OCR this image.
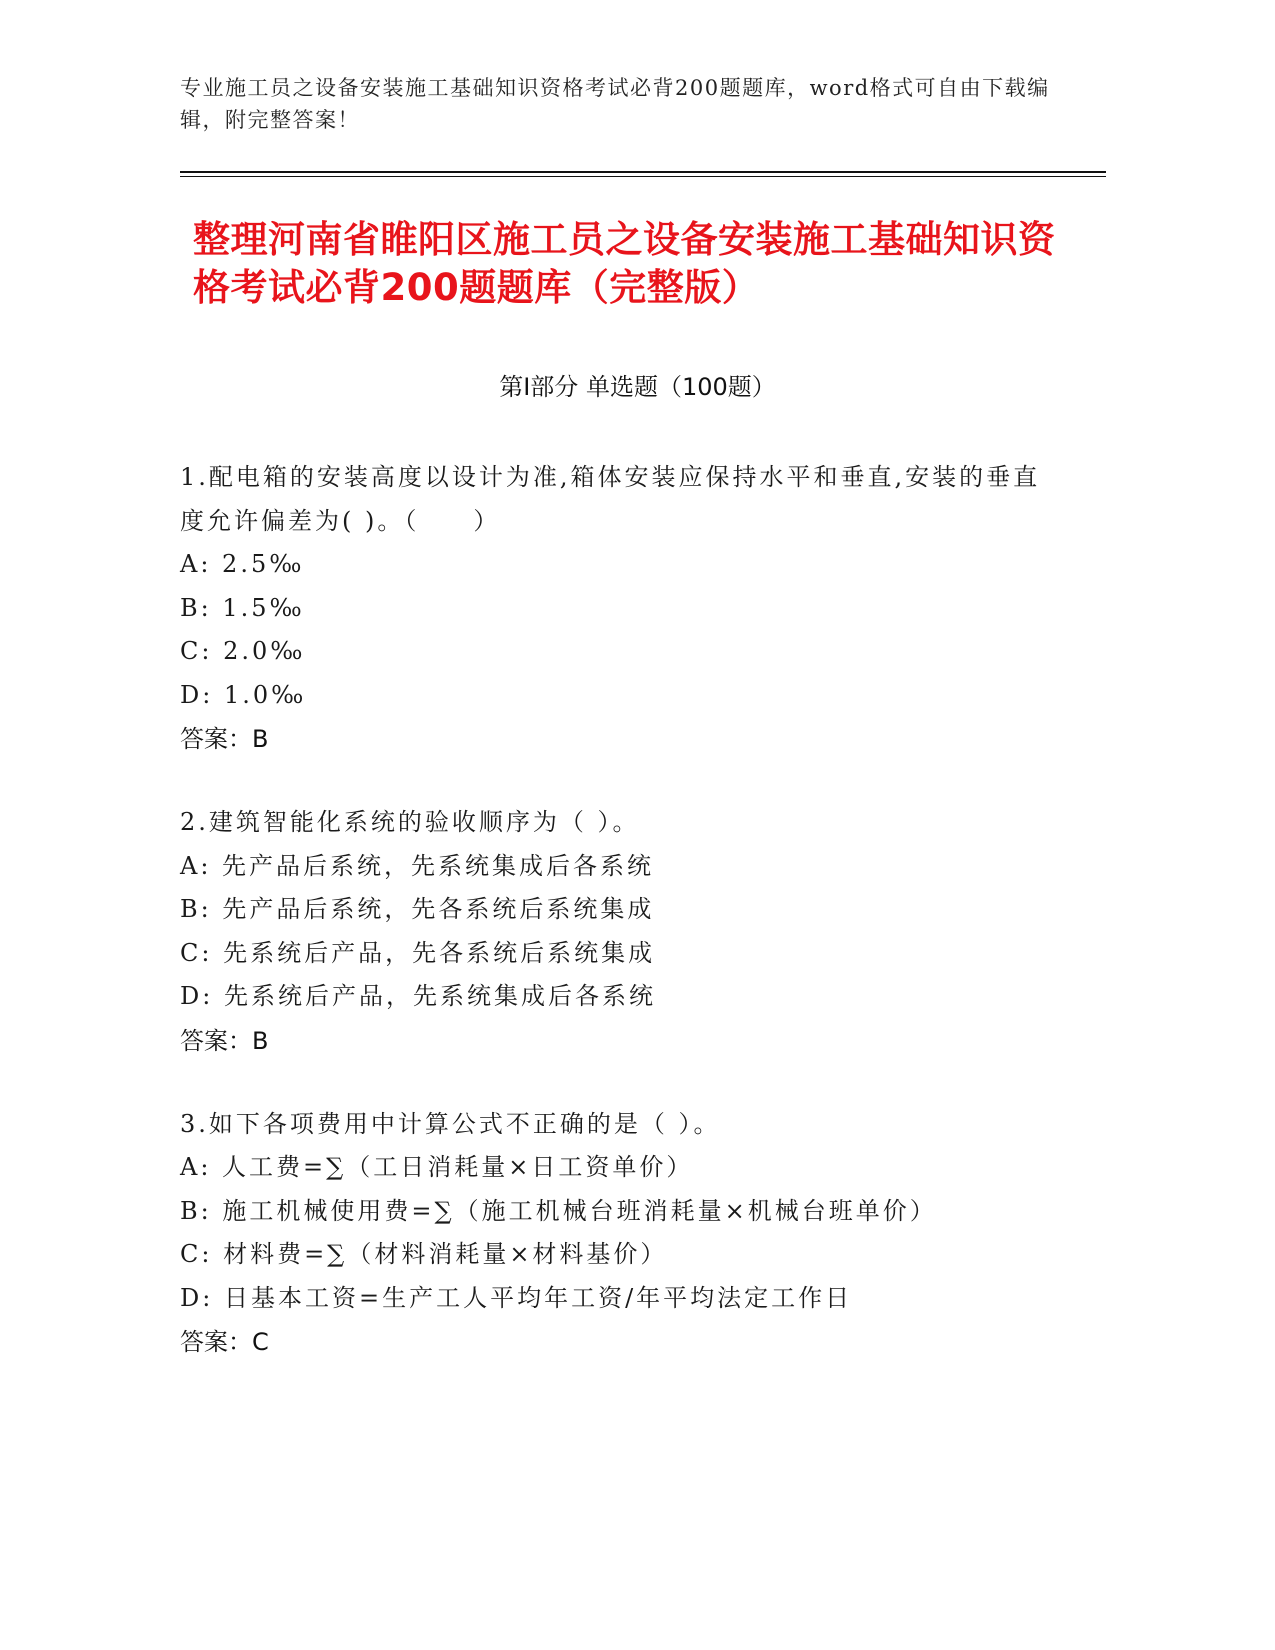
专业施工员之设备安装施工基础知识资格考试必背200题题库，word格式可自由下载编辑，附完整答案！
整理河南省睢阳区施工员之设备安装施工基础知识资格考试必背200题题库（完整版）
第Ⅰ部分 单选题（100题）

1.配电箱的安装高度以设计为准,箱体安装应保持水平和垂直,安装的垂直度允许偏差为( )。（　　）

A: 2.5‰

B: 1.5‰

C: 2.0‰

D: 1.0‰

答案：B

2.建筑智能化系统的验收顺序为（ ）。

A: 先产品后系统，先系统集成后各系统

B: 先产品后系统，先各系统后系统集成

C: 先系统后产品，先各系统后系统集成

D: 先系统后产品，先系统集成后各系统

答案：B

3.如下各项费用中计算公式不正确的是（ ）。

A: 人工费=∑（工日消耗量×日工资单价）

B: 施工机械使用费=∑（施工机械台班消耗量×机械台班单价）

C: 材料费=∑（材料消耗量×材料基价）

D: 日基本工资=生产工人平均年工资/年平均法定工作日

答案：C
